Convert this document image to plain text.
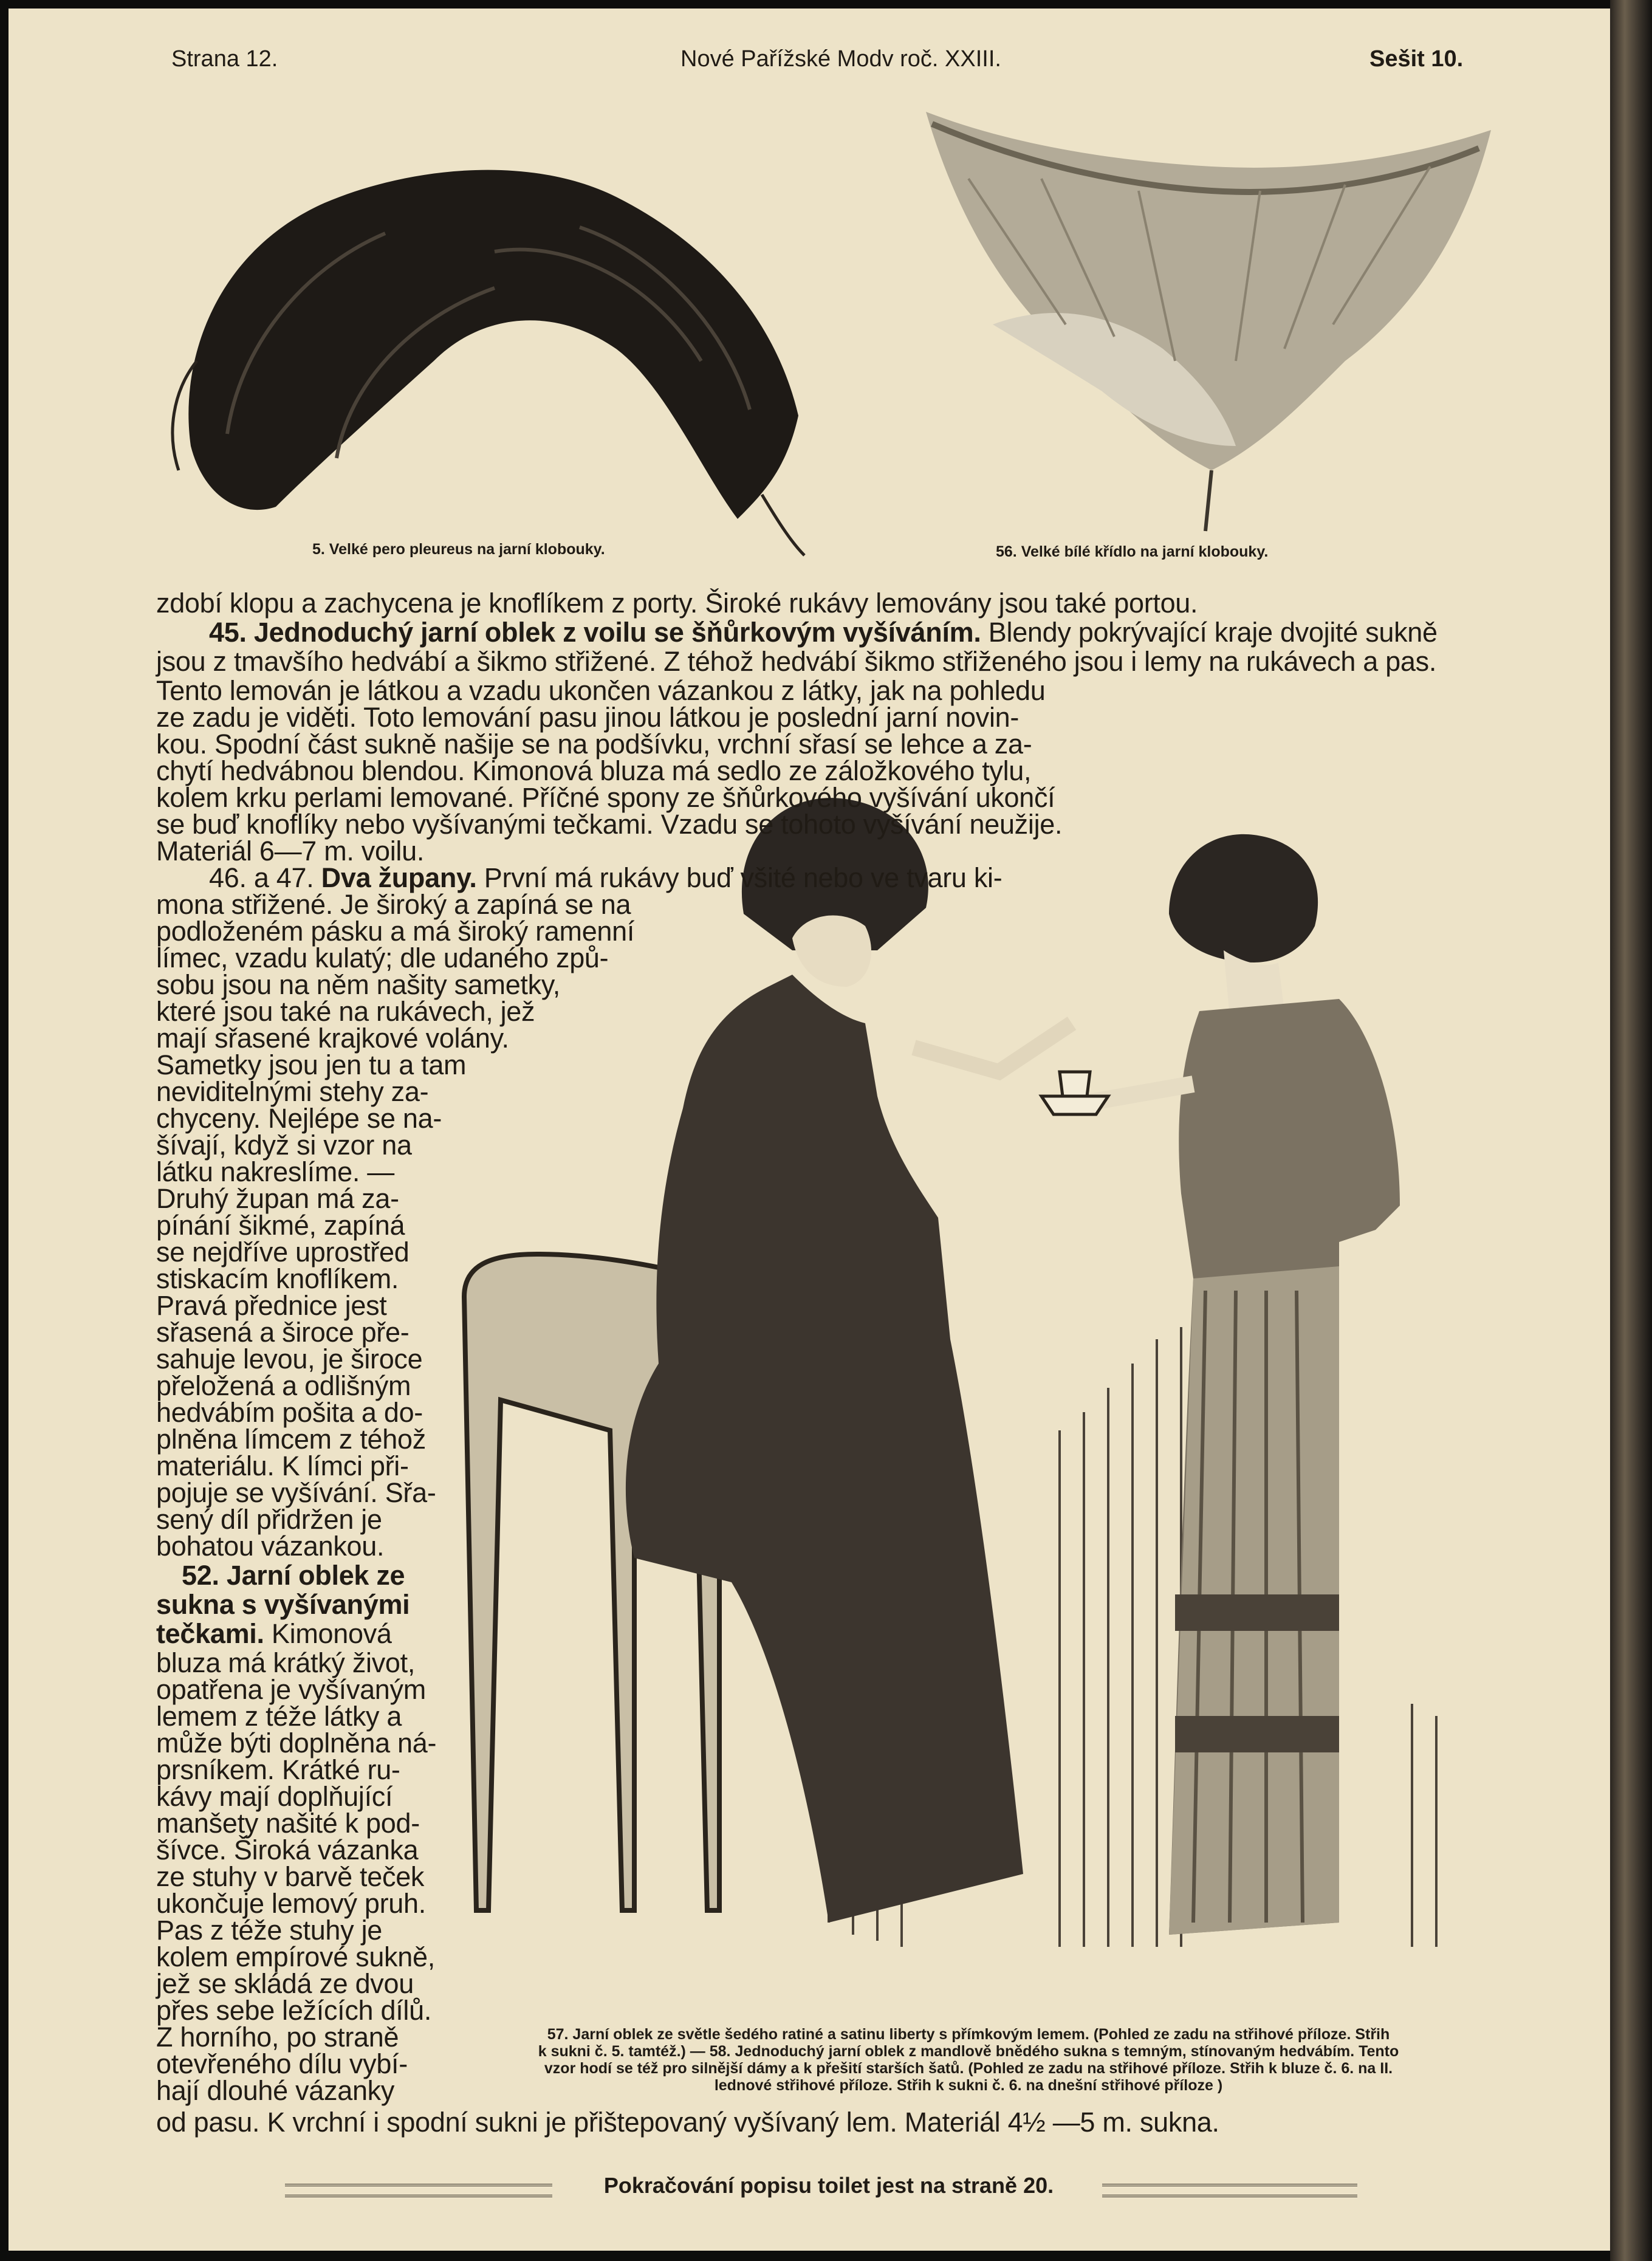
Strana 12.	Nové Pařížské Modv roč. XXIII.	Sešit 10.
5. Velké pero pleureus na jarní klobouky.	56. Velké bílé křídlo na jarní klobouky.
zdobí klopu a zachycena je knoflíkem z porty. Široké rukávy lemovány jsou také portou.
45. Jednoduchý jarní oblek z voilu se šňůrkovým vyšíváním. Blendy pokrývající kraje dvojité sukně
jsou z tmavšího hedvábí a šikmo střižené. Z téhož hedvábí šikmo střiženého jsou i lemy na rukávech a pas.
Tento lemován je látkou a vzadu ukončen vázankou z látky, jak na pohledu
ze zadu je viděti. Toto lemování pasu jinou látkou je poslední jarní novin-
kou. Spodní část sukně našije se na podšívku, vrchní sřasí se lehce a za-
chytí hedvábnou blendou. Kimonová bluza má sedlo ze záložkového tylu,
kolem krku perlami lemované. Příčné spony ze šňůrkového vyšívání ukončí
se buď knoflíky nebo vyšívanými tečkami. Vzadu se tohoto vyšívání neužije.
Materiál 6—7 m. voilu.
46. a 47. Dva župany. První má rukávy buď všité nebo ve tvaru ki-
mona střižené. Je široký a zapíná se na
podloženém pásku a má široký ramenní
límec, vzadu kulatý; dle udaného způ-
sobu jsou na něm našity sametky,
které jsou také na rukávech, jež
mají sřasené krajkové volány.
Sametky jsou jen tu a tam
neviditelnými stehy za-
chyceny. Nejlépe se na-
šívají, když si vzor na
látku nakreslíme. —
Druhý župan má za-
pínání šikmé, zapíná
se nejdříve uprostřed
stiskacím knoflíkem.
Pravá přednice jest
sřasená a široce pře-
sahuje levou, je široce
přeložená a odlišným
hedvábím pošita a do-
plněna límcem z téhož
materiálu. K límci při-
pojuje se vyšívání. Sřa-
sený díl přidržen je
bohatou vázankou.
52. Jarní oblek ze
sukna s vyšívanými
tečkami. Kimonová
bluza má krátký život,
opatřena je vyšívaným
lemem z téže látky a
může býti doplněna ná-
prsníkem. Krátké ru-
kávy mají doplňující
manšety našité k pod-
šívce. Široká vázanka
ze stuhy v barvě teček
ukončuje lemový pruh.
Pas z téže stuhy je
kolem empírové sukně,
jež se skládá ze dvou
přes sebe ležících dílů.
Z horního, po straně
otevřeného dílu vybí-
hají dlouhé vázanky
od pasu. K vrchní i spodní sukni je přištepovaný vyšívaný lem. Materiál 4½ —5 m. sukna.
57. Jarní oblek ze světle šedého ratiné a satinu liberty s přímkovým lemem. (Pohled ze zadu na střihové příloze. Střih
k sukni č. 5. tamtéž.) — 58. Jednoduchý jarní oblek z mandlově bnědého sukna s temným, stínovaným hedvábím. Tento
vzor hodí se též pro silnější dámy a k přešití starších šatů. (Pohled ze zadu na střihové příloze. Střih k bluze č. 6. na II.
lednové střihové příloze. Střih k sukni č. 6. na dnešní střihové příloze )
Pokračování popisu toilet jest na straně 20.
